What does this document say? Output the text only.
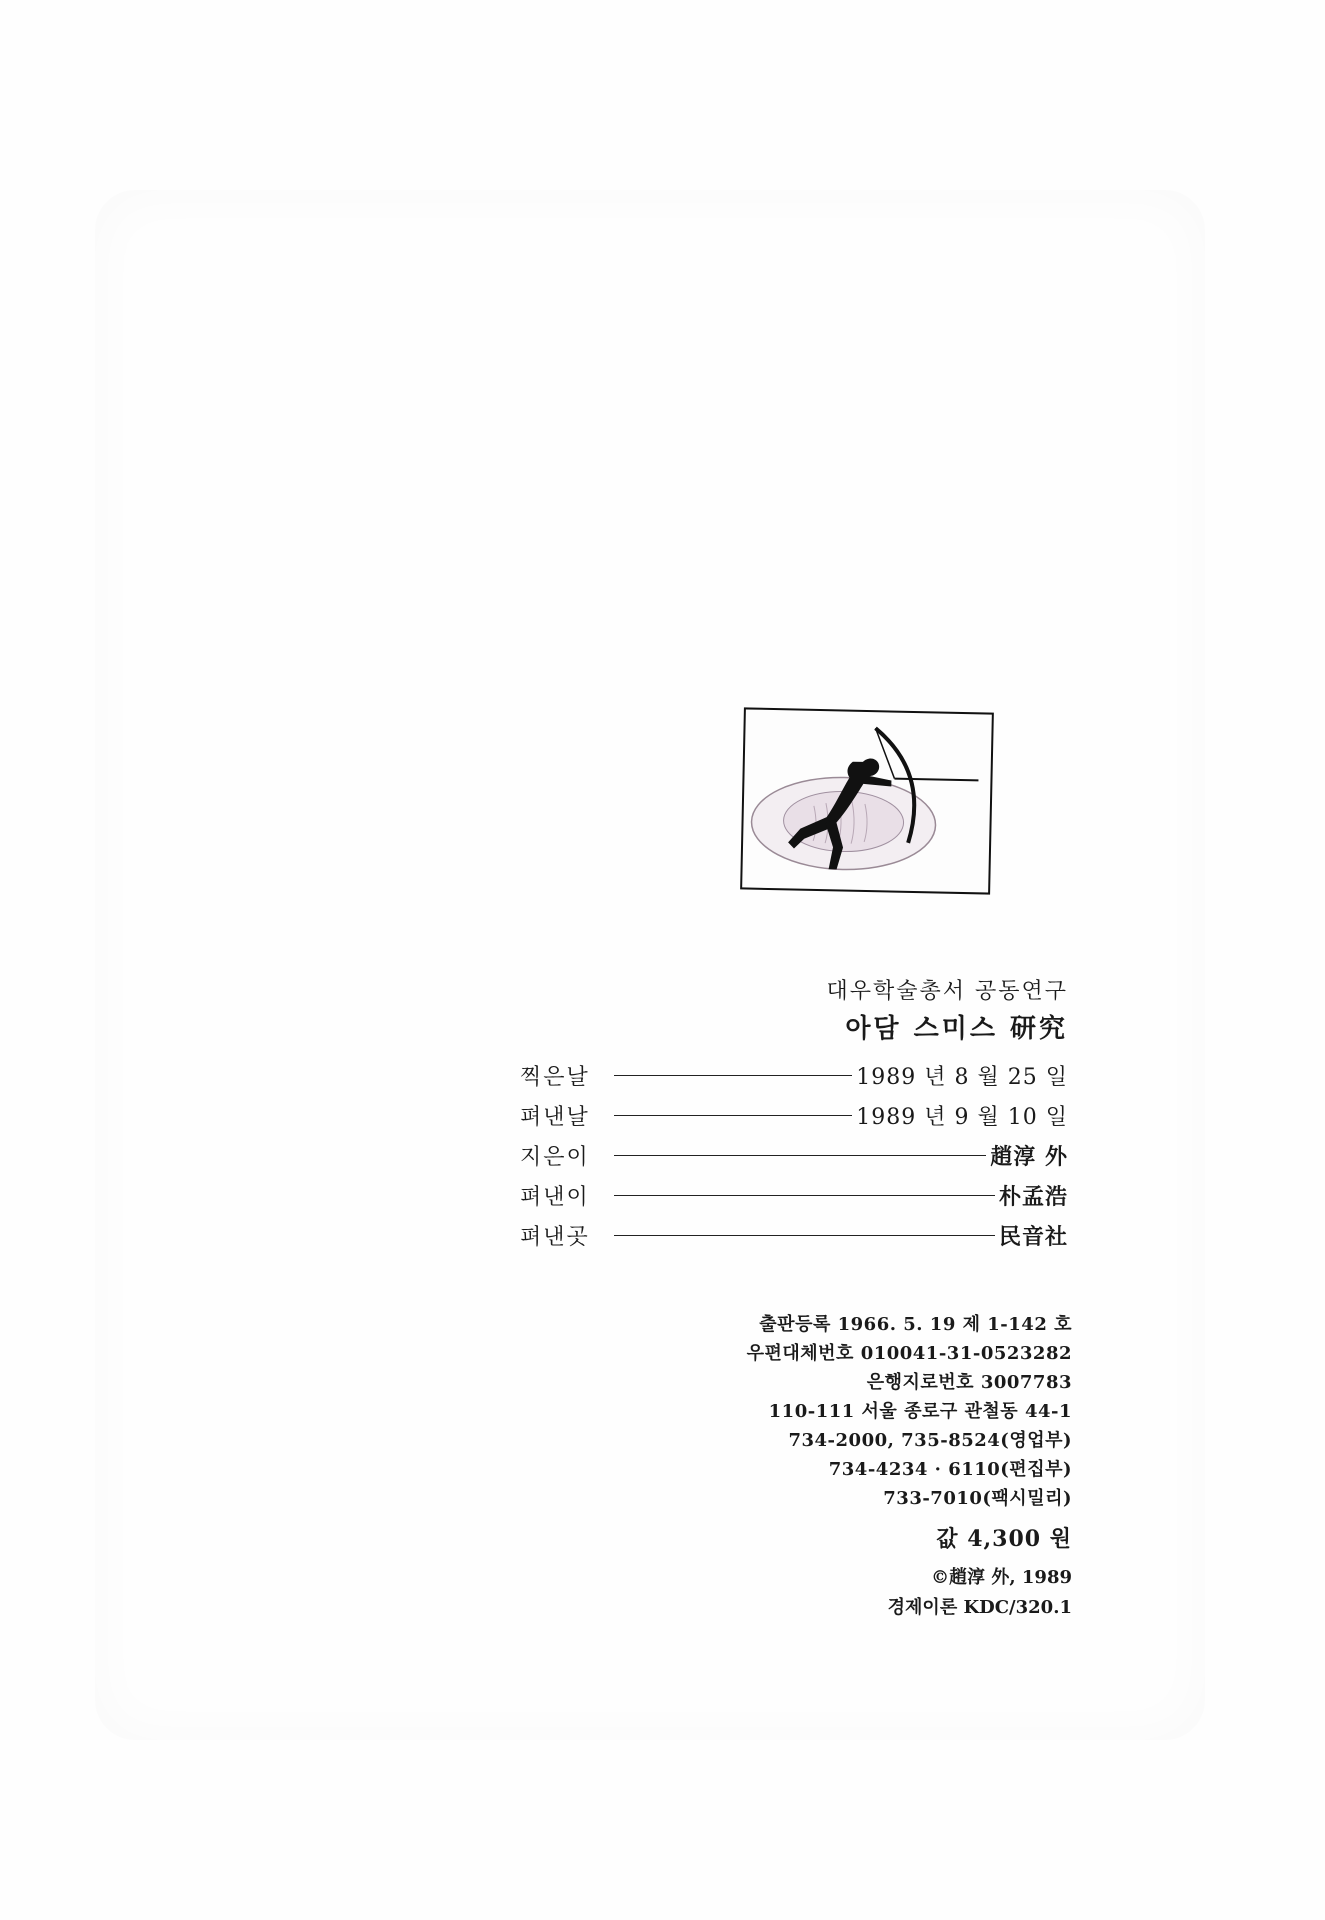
대우학술총서 공동연구

아담 스미스 研究

찍은날	1989 년 8 월 25 일
펴낸날	1989 년 9 월 10 일
지은이	趙淳 外
펴낸이	朴孟浩
펴낸곳	民音社
출판등록 1966. 5. 19 제 1-142 호
우편대체번호 010041-31-0523282
은행지로번호 3007783
110-111 서울 종로구 관철동 44-1
734-2000, 735-8524(영업부)
734-4234 · 6110(편집부)
733-7010(팩시밀리)
값 4,300 원
©趙淳 外, 1989
경제이론 KDC/320.1
